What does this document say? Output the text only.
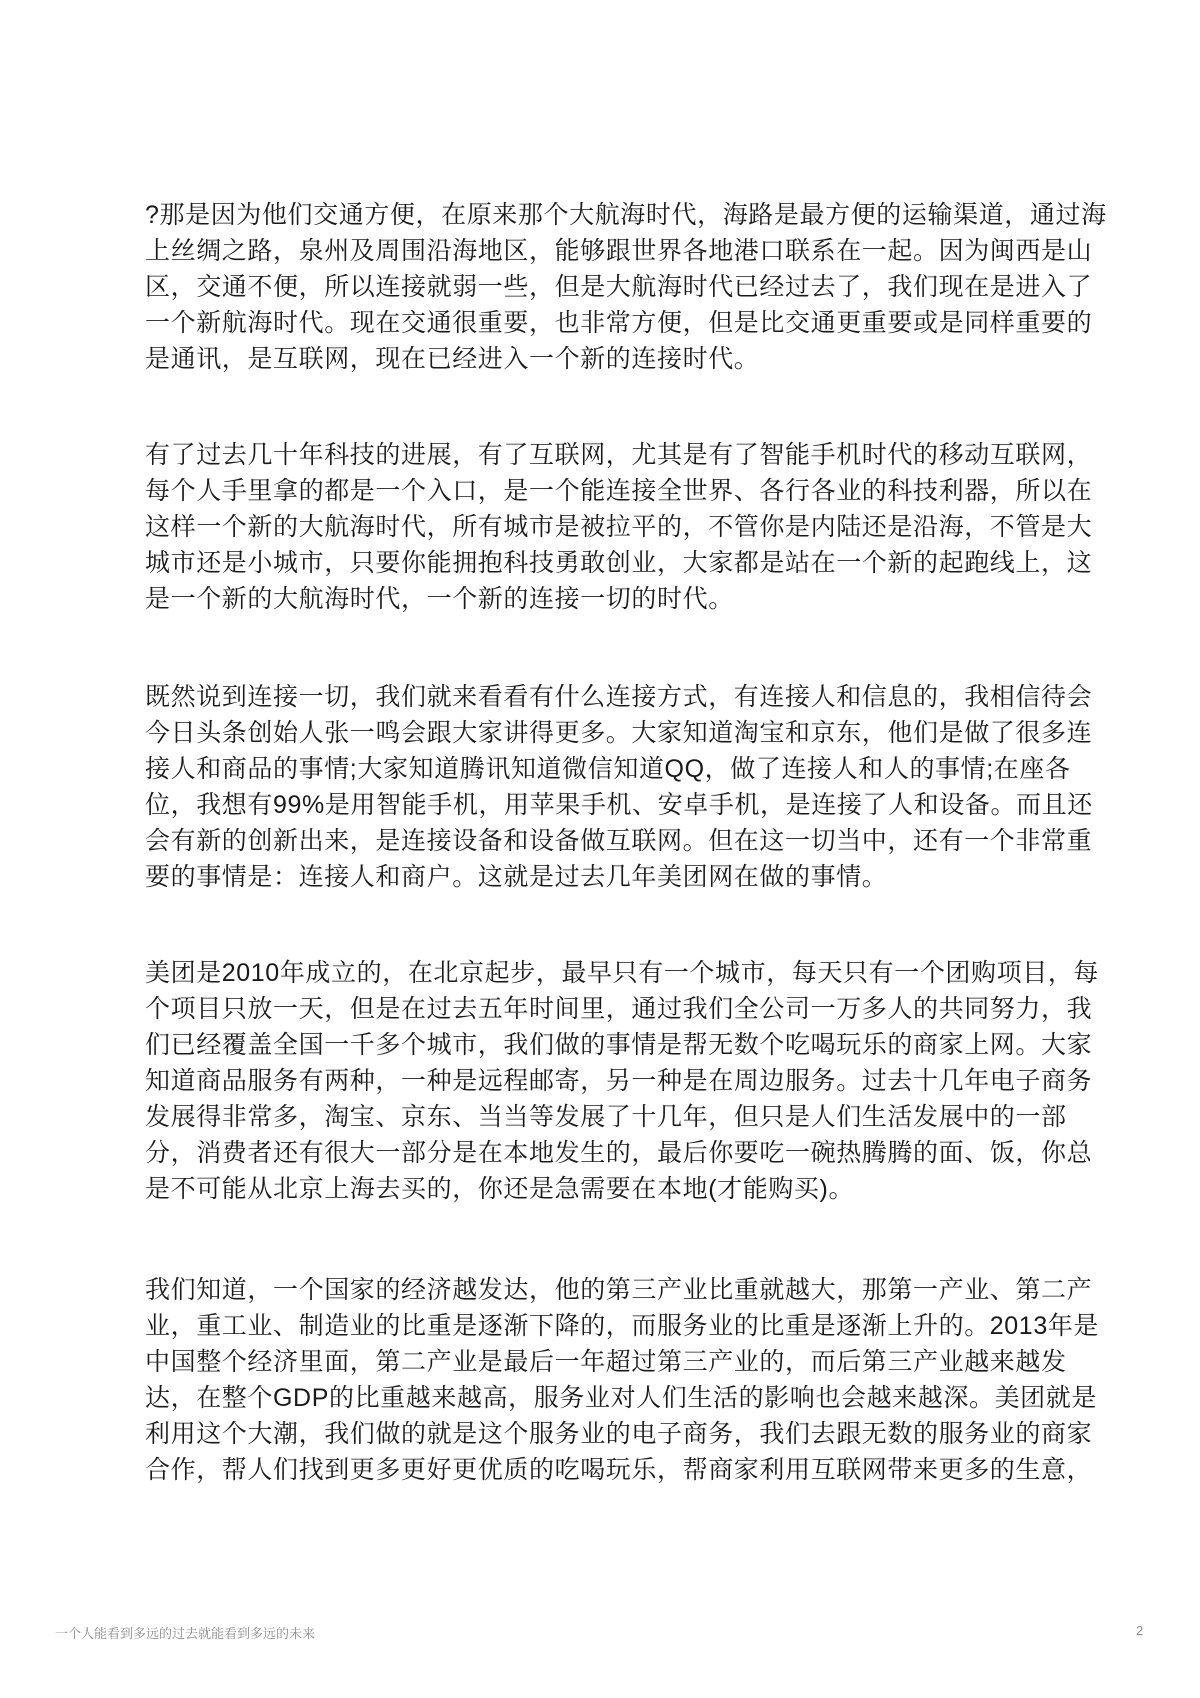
?那是因为他们交通方便，在原来那个大航海时代，海路是最方便的运输渠道，通过海
上丝绸之路，泉州及周围沿海地区，能够跟世界各地港口联系在一起。因为闽西是山
区，交通不便，所以连接就弱一些，但是大航海时代已经过去了，我们现在是进入了
一个新航海时代。现在交通很重要，也非常方便，但是比交通更重要或是同样重要的
是通讯，是互联网，现在已经进入一个新的连接时代。
有了过去几十年科技的进展，有了互联网，尤其是有了智能手机时代的移动互联网，
每个人手里拿的都是一个入口，是一个能连接全世界、各行各业的科技利器，所以在
这样一个新的大航海时代，所有城市是被拉平的，不管你是内陆还是沿海，不管是大
城市还是小城市，只要你能拥抱科技勇敢创业，大家都是站在一个新的起跑线上，这
是一个新的大航海时代，一个新的连接一切的时代。
既然说到连接一切，我们就来看看有什么连接方式，有连接人和信息的，我相信待会
今日头条创始人张一鸣会跟大家讲得更多。大家知道淘宝和京东，他们是做了很多连
接人和商品的事情;大家知道腾讯知道微信知道QQ，做了连接人和人的事情;在座各
位，我想有99%是用智能手机，用苹果手机、安卓手机，是连接了人和设备。而且还
会有新的创新出来，是连接设备和设备做互联网。但在这一切当中，还有一个非常重
要的事情是：连接人和商户。这就是过去几年美团网在做的事情。
美团是2010年成立的，在北京起步，最早只有一个城市，每天只有一个团购项目，每
个项目只放一天，但是在过去五年时间里，通过我们全公司一万多人的共同努力，我
们已经覆盖全国一千多个城市，我们做的事情是帮无数个吃喝玩乐的商家上网。大家
知道商品服务有两种，一种是远程邮寄，另一种是在周边服务。过去十几年电子商务
发展得非常多，淘宝、京东、当当等发展了十几年，但只是人们生活发展中的一部
分，消费者还有很大一部分是在本地发生的，最后你要吃一碗热腾腾的面、饭，你总
是不可能从北京上海去买的，你还是急需要在本地(才能购买)。
我们知道，一个国家的经济越发达，他的第三产业比重就越大，那第一产业、第二产
业，重工业、制造业的比重是逐渐下降的，而服务业的比重是逐渐上升的。2013年是
中国整个经济里面，第二产业是最后一年超过第三产业的，而后第三产业越来越发
达，在整个GDP的比重越来越高，服务业对人们生活的影响也会越来越深。美团就是
利用这个大潮，我们做的就是这个服务业的电子商务，我们去跟无数的服务业的商家
合作，帮人们找到更多更好更优质的吃喝玩乐，帮商家利用互联网带来更多的生意，
一个人能看到多远的过去就能看到多远的未来	2
